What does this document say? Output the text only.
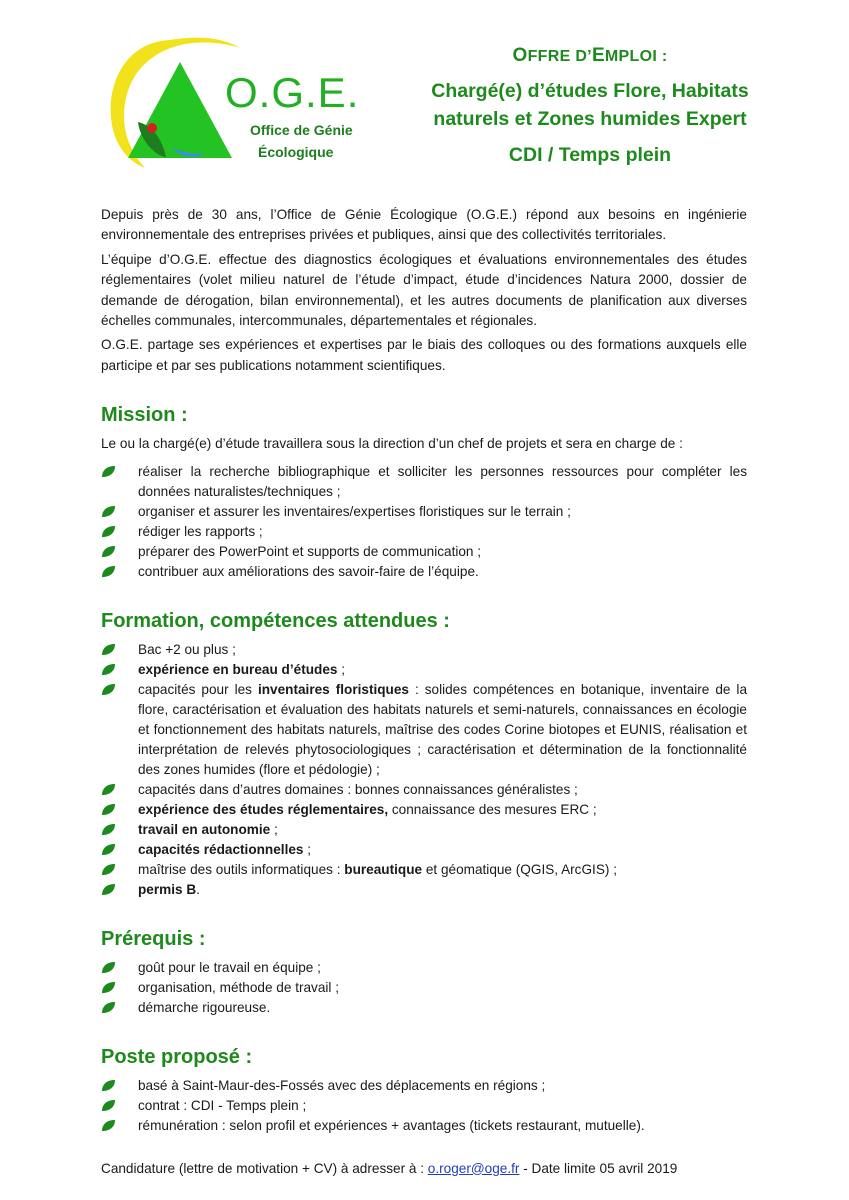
O.G.E.
Office de Génie
Écologique
OFFRE D’EMPLOI :
Chargé(e) d’études Flore, Habitats
naturels et Zones humides Expert
CDI / Temps plein

Depuis près de 30 ans, l’Office de Génie Écologique (O.G.E.) répond aux besoins en ingénierie environnementale des entreprises privées et publiques, ainsi que des collectivités territoriales.

L’équipe d’O.G.E. effectue des diagnostics écologiques et évaluations environnementales des études réglementaires (volet milieu naturel de l’étude d’impact, étude d’incidences Natura 2000, dossier de demande de dérogation, bilan environnemental), et les autres documents de planification aux diverses échelles communales, intercommunales, départementales et régionales.

O.G.E. partage ses expériences et expertises par le biais des colloques ou des formations auxquels elle participe et par ses publications notamment scientifiques.

Mission :

Le ou la chargé(e) d’étude travaillera sous la direction d’un chef de projets et sera en charge de :

réaliser la recherche bibliographique et solliciter les personnes ressources pour compléter les données naturalistes/techniques ;
organiser et assurer les inventaires/expertises floristiques sur le terrain ;
rédiger les rapports ;
préparer des PowerPoint et supports de communication ;
contribuer aux améliorations des savoir-faire de l’équipe.
Formation, compétences attendues :
Bac +2 ou plus ;
expérience en bureau d’études ;
capacités pour les inventaires floristiques : solides compétences en botanique, inventaire de la flore, caractérisation et évaluation des habitats naturels et semi-naturels, connaissances en écologie et fonctionnement des habitats naturels, maîtrise des codes Corine biotopes et EUNIS, réalisation et interprétation de relevés phytosociologiques ; caractérisation et détermination de la fonctionnalité des zones humides (flore et pédologie) ;
capacités dans d’autres domaines : bonnes connaissances généralistes ;
expérience des études réglementaires, connaissance des mesures ERC ;
travail en autonomie ;
capacités rédactionnelles ;
maîtrise des outils informatiques : bureautique et géomatique (QGIS, ArcGIS) ;
permis B.
Prérequis :
goût pour le travail en équipe ;
organisation, méthode de travail ;
démarche rigoureuse.
Poste proposé :
basé à Saint-Maur-des-Fossés avec des déplacements en régions ;
contrat : CDI - Temps plein ;
rémunération : selon profil et expériences + avantages (tickets restaurant, mutuelle).
Candidature (lettre de motivation + CV) à adresser à : o.roger@oge.fr - Date limite 05 avril 2019
